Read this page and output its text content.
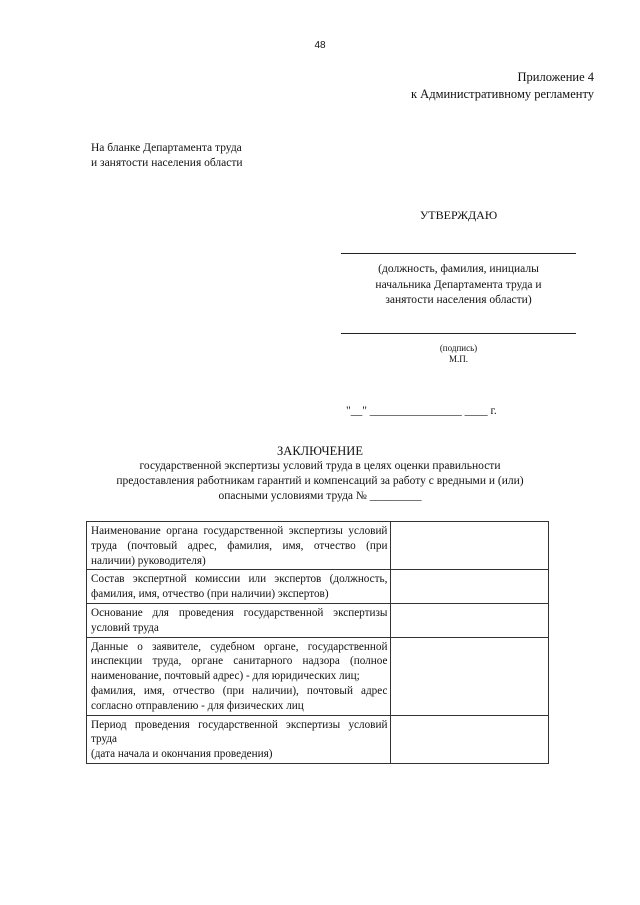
48
Приложение 4
к Административному регламенту
На бланке Департамента труда
и занятости населения области
УТВЕРЖДАЮ
(должность, фамилия, инициалы
начальника Департамента труда и
занятости населения области)
(подпись)
М.П.
"__" ________________ ____ г.
ЗАКЛЮЧЕНИЕ
государственной экспертизы условий труда в целях оценки правильности
предоставления работникам гарантий и компенсаций за работу с вредными и (или)
опасными условиями труда № _________
Наименование органа государственной экспертизы условий труда (почтовый адрес, фамилия, имя, отчество (при наличии) руководителя)	

Состав экспертной комиссии или экспертов (должность, фамилия, имя, отчество (при наличии) экспертов)	

Основание для проведения государственной экспертизы условий труда	

Данные о заявителе, судебном органе, государственной инспекции труда, органе санитарного надзора (полное наименование, почтовый адрес) - для юридических лиц;
фамилия, имя, отчество (при наличии), почтовый адрес согласно отправлению - для физических лиц	

Период проведения государственной экспертизы условий труда
(дата начала и окончания проведения)	
